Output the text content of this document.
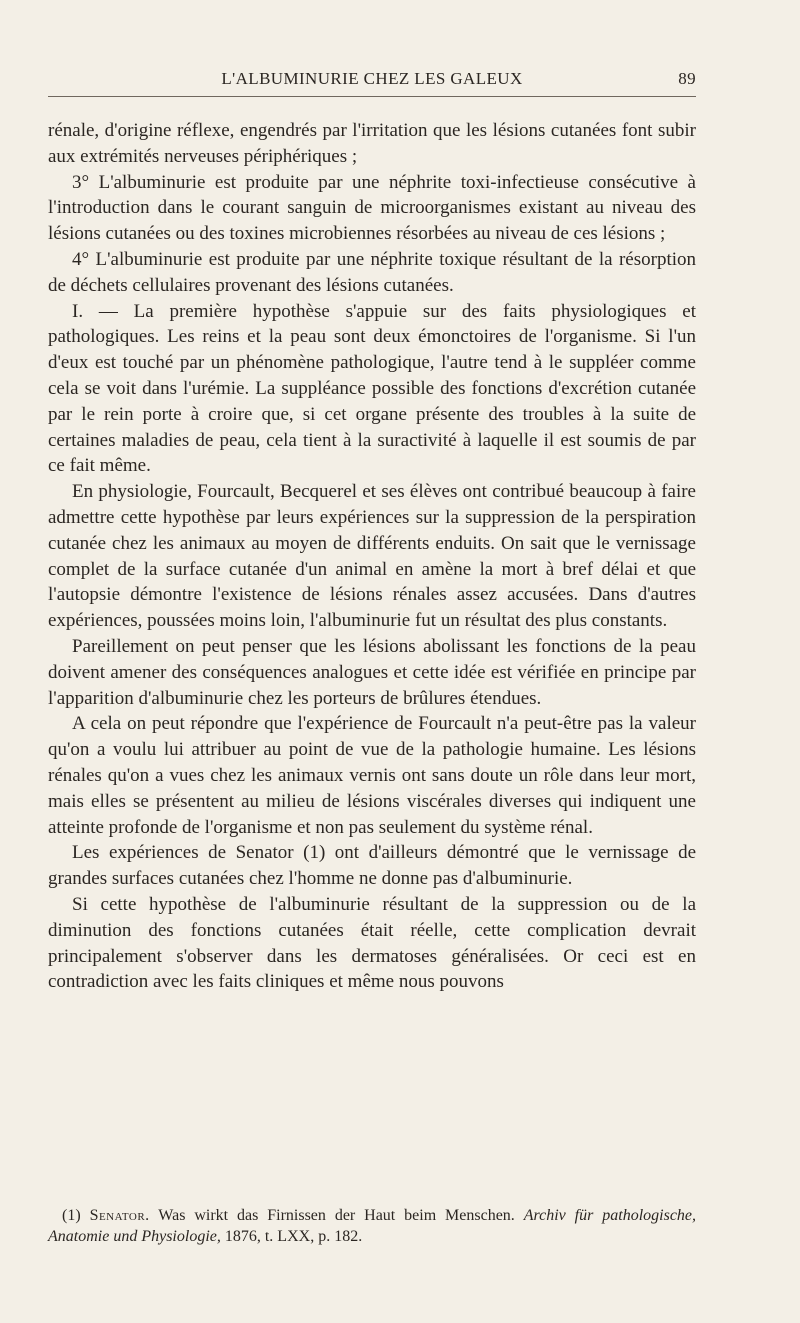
L'ALBUMINURIE CHEZ LES GALEUX	89

rénale, d'origine réflexe, engendrés par l'irritation que les lésions cutanées font subir aux extrémités nerveuses périphériques ;

3° L'albuminurie est produite par une néphrite toxi-infectieuse consécutive à l'introduction dans le courant sanguin de microorganismes existant au niveau des lésions cutanées ou des toxines microbiennes résorbées au niveau de ces lésions ;

4° L'albuminurie est produite par une néphrite toxique résultant de la résorption de déchets cellulaires provenant des lésions cutanées.

I. — La première hypothèse s'appuie sur des faits physiologiques et pathologiques. Les reins et la peau sont deux émonctoires de l'organisme. Si l'un d'eux est touché par un phénomène pathologique, l'autre tend à le suppléer comme cela se voit dans l'urémie. La suppléance possible des fonctions d'excrétion cutanée par le rein porte à croire que, si cet organe présente des troubles à la suite de certaines maladies de peau, cela tient à la suractivité à laquelle il est soumis de par ce fait même.

En physiologie, Fourcault, Becquerel et ses élèves ont contribué beaucoup à faire admettre cette hypothèse par leurs expériences sur la suppression de la perspiration cutanée chez les animaux au moyen de différents enduits. On sait que le vernissage complet de la surface cutanée d'un animal en amène la mort à bref délai et que l'autopsie démontre l'existence de lésions rénales assez accusées. Dans d'autres expériences, poussées moins loin, l'albuminurie fut un résultat des plus constants.

Pareillement on peut penser que les lésions abolissant les fonctions de la peau doivent amener des conséquences analogues et cette idée est vérifiée en principe par l'apparition d'albuminurie chez les porteurs de brûlures étendues.

A cela on peut répondre que l'expérience de Fourcault n'a peut-être pas la valeur qu'on a voulu lui attribuer au point de vue de la pathologie humaine. Les lésions rénales qu'on a vues chez les animaux vernis ont sans doute un rôle dans leur mort, mais elles se présentent au milieu de lésions viscérales diverses qui indiquent une atteinte profonde de l'organisme et non pas seulement du système rénal.

Les expériences de Senator (1) ont d'ailleurs démontré que le vernissage de grandes surfaces cutanées chez l'homme ne donne pas d'albuminurie.

Si cette hypothèse de l'albuminurie résultant de la suppression ou de la diminution des fonctions cutanées était réelle, cette complication devrait principalement s'observer dans les dermatoses généralisées. Or ceci est en contradiction avec les faits cliniques et même nous pouvons

(1) Senator. Was wirkt das Firnissen der Haut beim Menschen. Archiv für pathologische, Anatomie und Physiologie, 1876, t. LXX, p. 182.
